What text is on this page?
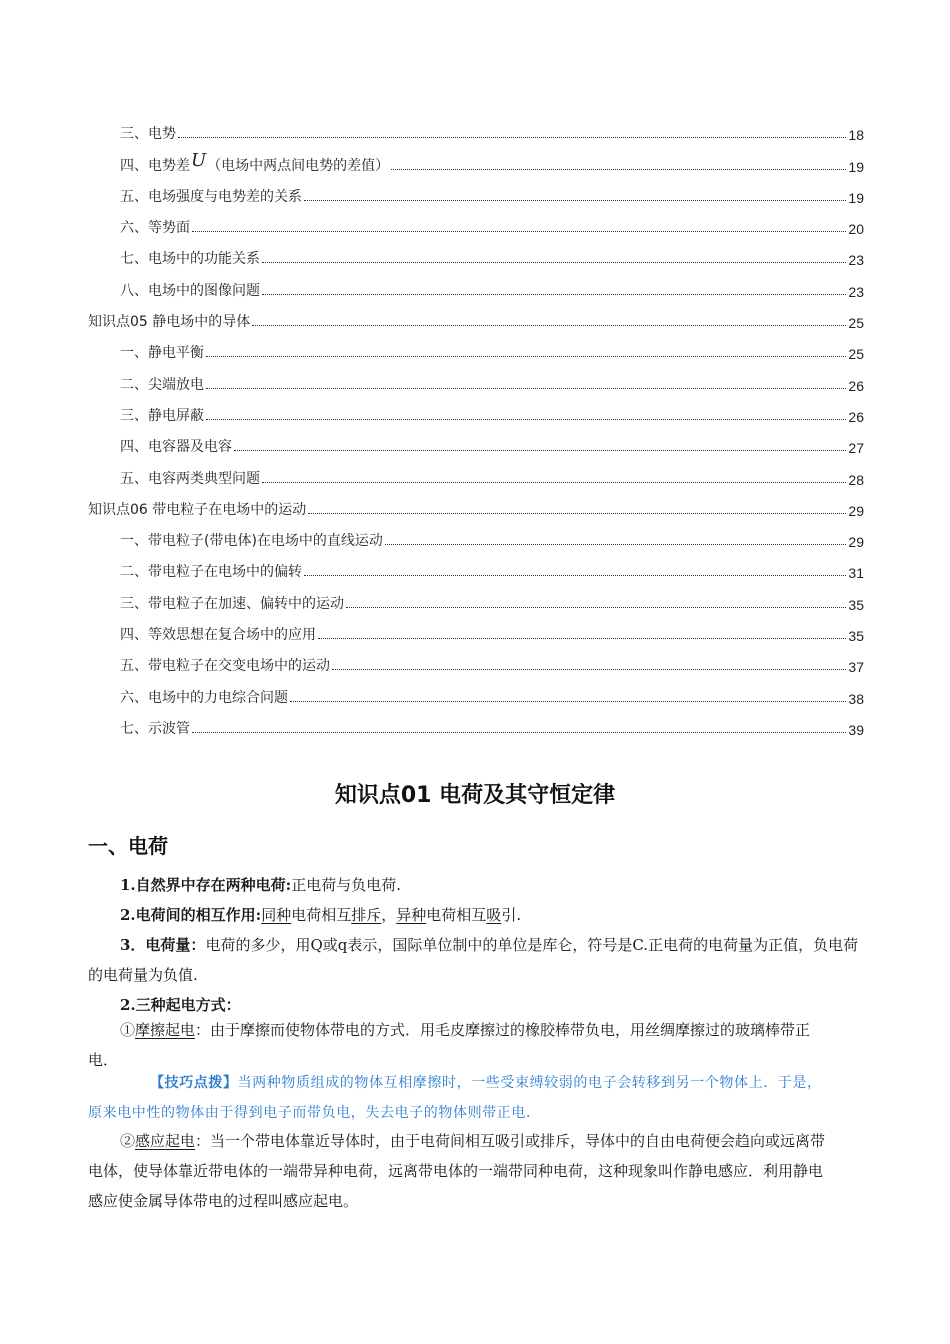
三、电势	18
四、电势差U（电场中两点间电势的差值）	19
五、电场强度与电势差的关系	19
六、等势面	20
七、电场中的功能关系	23
八、电场中的图像问题	23
知识点05 静电场中的导体	25
一、静电平衡	25
二、尖端放电	26
三、静电屏蔽	26
四、电容器及电容	27
五、电容两类典型问题	28
知识点06 带电粒子在电场中的运动	29
一、带电粒子(带电体)在电场中的直线运动	29
二、带电粒子在电场中的偏转	31
三、带电粒子在加速、偏转中的运动	35
四、等效思想在复合场中的应用	35
五、带电粒子在交变电场中的运动	37
六、电场中的力电综合问题	38
七、示波管	39
知识点01 电荷及其守恒定律
一、电荷
1.自然界中存在两种电荷:正电荷与负电荷.
2.电荷间的相互作用:同种电荷相互排斥，异种电荷相互吸引.
3．电荷量：电荷的多少，用Q或q表示，国际单位制中的单位是库仑，符号是C.正电荷的电荷量为正值，负电荷的电荷量为负值.
2.三种起电方式：
①摩擦起电：由于摩擦而使物体带电的方式．用毛皮摩擦过的橡胶棒带负电，用丝绸摩擦过的玻璃棒带正电．
【技巧点拨】当两种物质组成的物体互相摩擦时，一些受束缚较弱的电子会转移到另一个物体上．于是，原来电中性的物体由于得到电子而带负电，失去电子的物体则带正电．
②感应起电：当一个带电体靠近导体时，由于电荷间相互吸引或排斥，导体中的自由电荷便会趋向或远离带电体，使导体靠近带电体的一端带异种电荷，远离带电体的一端带同种电荷，这种现象叫作静电感应．利用静电感应使金属导体带电的过程叫感应起电。
